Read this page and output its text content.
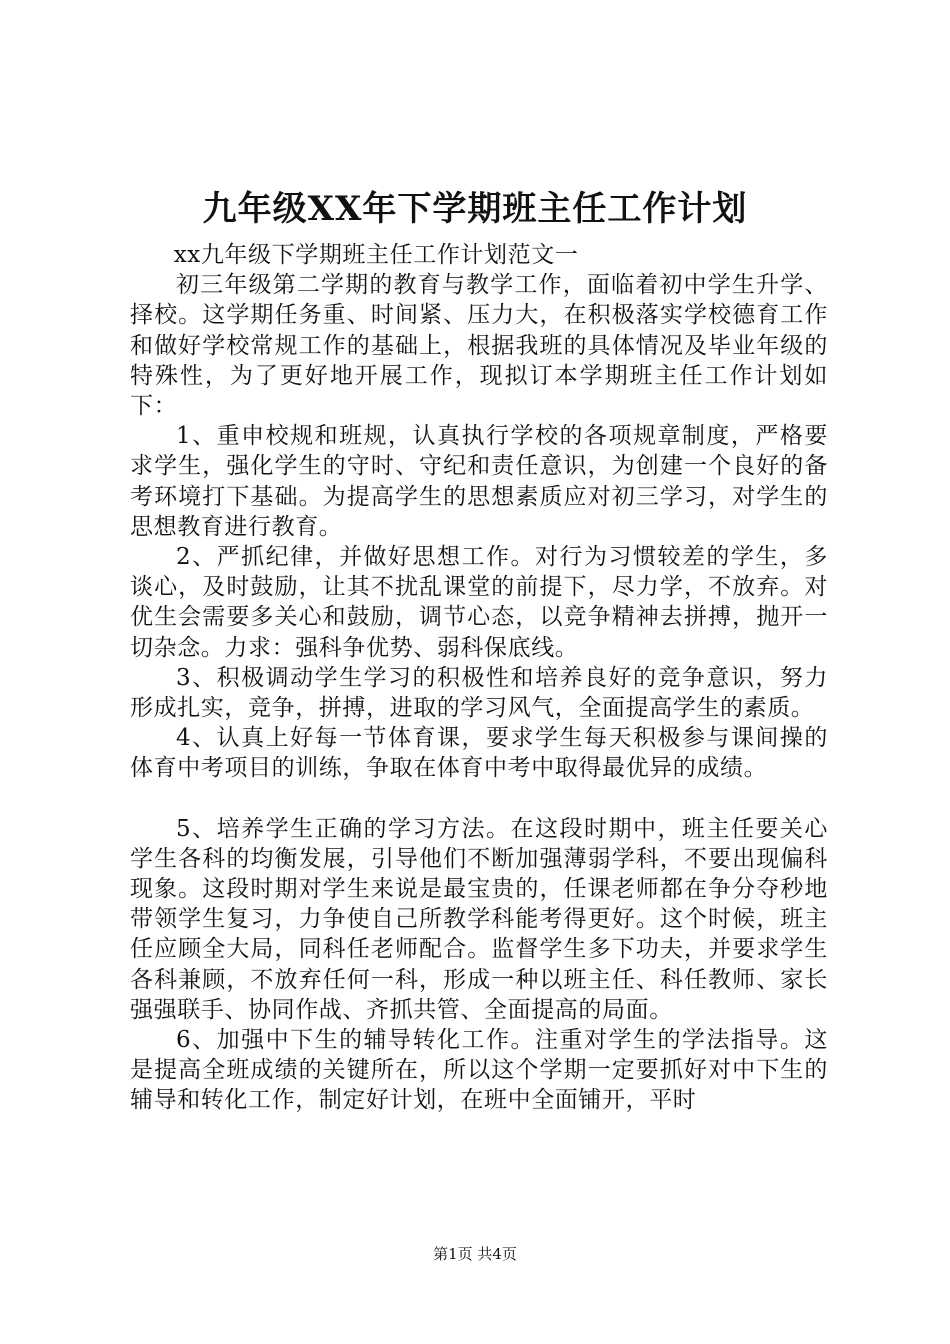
九年级XX年下学期班主任工作计划

xx九年级下学期班主任工作计划范文一

初三年级第二学期的教育与教学工作，面临着初中学生升学、择校。这学期任务重、时间紧、压力大，在积极落实学校德育工作和做好学校常规工作的基础上，根据我班的具体情况及毕业年级的特殊性，为了更好地开展工作，现拟订本学期班主任工作计划如下：

1、重申校规和班规，认真执行学校的各项规章制度，严格要求学生，强化学生的守时、守纪和责任意识，为创建一个良好的备考环境打下基础。为提高学生的思想素质应对初三学习，对学生的思想教育进行教育。

2、严抓纪律，并做好思想工作。对行为习惯较差的学生，多谈心，及时鼓励，让其不扰乱课堂的前提下，尽力学，不放弃。对优生会需要多关心和鼓励，调节心态，以竞争精神去拼搏，抛开一切杂念。力求：强科争优势、弱科保底线。

3、积极调动学生学习的积极性和培养良好的竞争意识，努力形成扎实，竞争，拼搏，进取的学习风气，全面提高学生的素质。

4、认真上好每一节体育课，要求学生每天积极参与课间操的体育中考项目的训练，争取在体育中考中取得最优异的成绩。

5、培养学生正确的学习方法。在这段时期中，班主任要关心学生各科的均衡发展，引导他们不断加强薄弱学科，不要出现偏科现象。这段时期对学生来说是最宝贵的，任课老师都在争分夺秒地带领学生复习，力争使自己所教学科能考得更好。这个时候，班主任应顾全大局，同科任老师配合。监督学生多下功夫，并要求学生各科兼顾，不放弃任何一科，形成一种以班主任、科任教师、家长强强联手、协同作战、齐抓共管、全面提高的局面。

6、加强中下生的辅导转化工作。注重对学生的学法指导。这是提高全班成绩的关键所在，所以这个学期一定要抓好对中下生的辅导和转化工作，制定好计划，在班中全面铺开，平时

第1页 共4页
